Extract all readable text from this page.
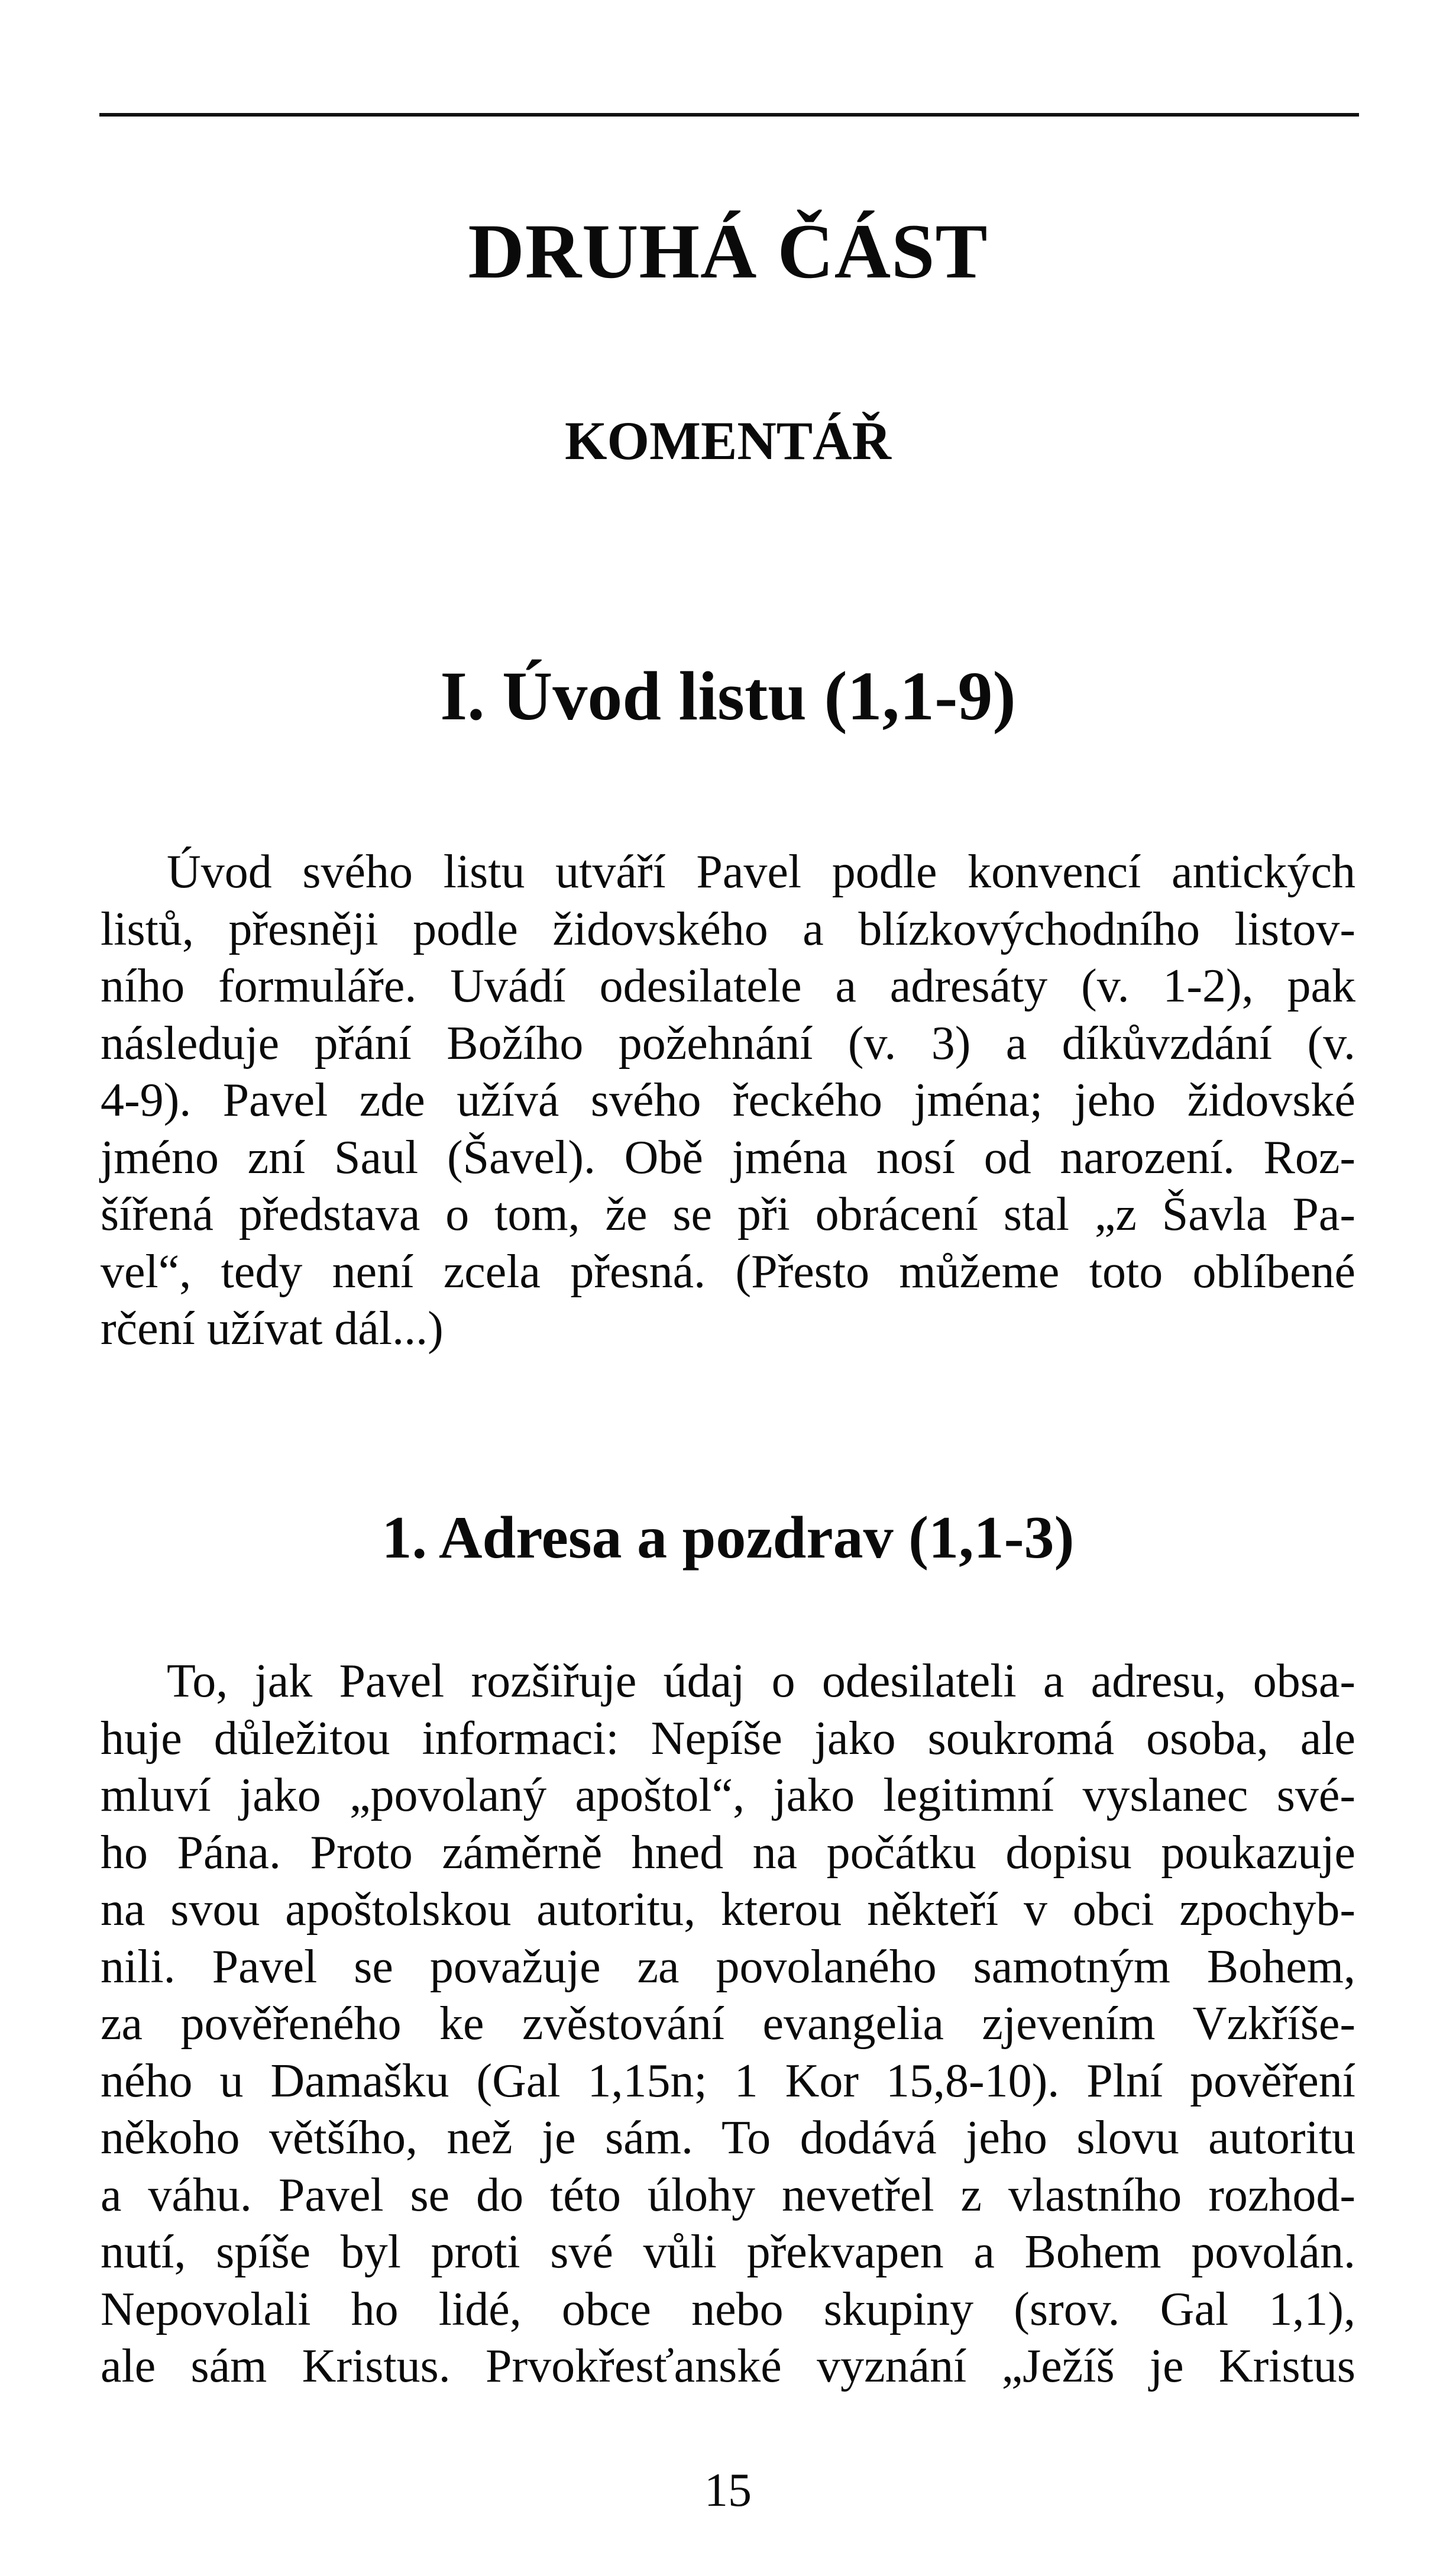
DRUHÁ ČÁST
KOMENTÁŘ
I. Úvod listu (1,1-9)
Úvod svého listu utváří Pavel podle konvencí antických
listů, přesněji podle židovského a blízkovýchodního listov-
ního formuláře. Uvádí odesilatele a adresáty (v. 1-2), pak
následuje přání Božího požehnání (v. 3) a díkůvzdání (v.
4-9). Pavel zde užívá svého řeckého jména; jeho židovské
jméno zní Saul (Šavel). Obě jména nosí od narození. Roz-
šířená představa o tom, že se při obrácení stal „z Šavla Pa-
vel“, tedy není zcela přesná. (Přesto můžeme toto oblíbené
rčení užívat dál...)
1. Adresa a pozdrav (1,1-3)
To, jak Pavel rozšiřuje údaj o odesilateli a adresu, obsa-
huje důležitou informaci: Nepíše jako soukromá osoba, ale
mluví jako „povolaný apoštol“, jako legitimní vyslanec své-
ho Pána. Proto záměrně hned na počátku dopisu poukazuje
na svou apoštolskou autoritu, kterou někteří v obci zpochyb-
nili. Pavel se považuje za povolaného samotným Bohem,
za pověřeného ke zvěstování evangelia zjevením Vzkříše-
ného u Damašku (Gal 1,15n; 1 Kor 15,8-10). Plní pověření
někoho většího, než je sám. To dodává jeho slovu autoritu
a váhu. Pavel se do této úlohy nevetřel z vlastního rozhod-
nutí, spíše byl proti své vůli překvapen a Bohem povolán.
Nepovolali ho lidé, obce nebo skupiny (srov. Gal 1,1),
ale sám Kristus. Prvokřesťanské vyznání „Ježíš je Kristus
15
